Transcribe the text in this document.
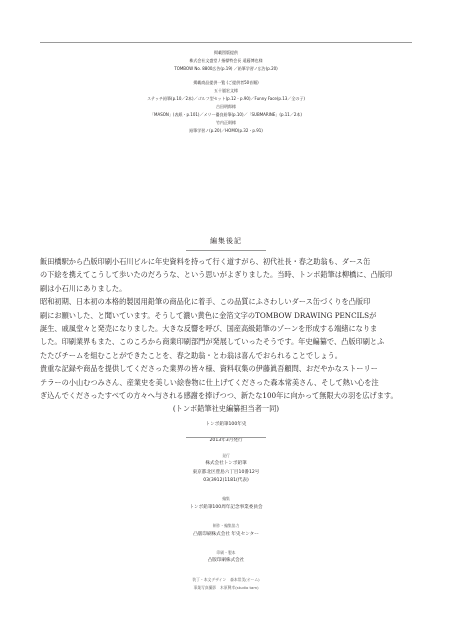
掲載図版提供
株式会社文盛堂 / 指標特会長 遠藤博也様
TOMBOW No. 8800広告(p.19) ／鉛筆学習ノ広告(p.20)
掲載商品提供一覧 (ご提供者50音順)
五十嵐宏文様
ステッチ鉛筆(p.10／2本)／ゴルフ型セット(p.12・p.90)／Funny Face(p.13／全の子)
古田明郎様
「MASON」(表紙・p.101)／メリー優良鉛筆(p.10)／「SUBMARINE」(p.11／2本)
竹内正則様
鉛筆学習ノ(p.20)／HOMO(p.32・p.91)
編集後記

飯田橋駅から凸版印刷小石川ビルに年史資料を持って行く道すがら、初代社長・春之助翁も、ダース缶

の下絵を携えてこうして歩いたのだろうな、という思いがよぎりました。当時、トンボ鉛筆は柳橋に、凸版印

刷は小石川にありました。

昭和初期、日本初の本格的製図用鉛筆の商品化に着手、この品質にふさわしいダース缶づくりを凸版印

刷にお願いした、と聞いています。そうして濃い黄色に金箔文字のTOMBOW DRAWING PENCILSが

誕生、戚風堂々と発売になりました。大きな反響を呼び、国産高級鉛筆のゾーンを形成する端緒になりま

した。印刷業界もまた、このころから商業印刷部門が発展していったそうです。年史編纂で、凸版印刷とふ

たたびチームを組むことができたことを、春之助翁・とわ翁は喜んでおられることでしょう。

貴重な記録や商品を提供してくださった業界の皆々様、資料収集の伊藤眞吾顧問、おだやかなストーリー

テラーの小山むつみさん、産業史を美しい絵巻物に仕上げてくださった森本常美さん、そして熱い心を注

ぎ込んでくださったすべての方々へ与される感謝を捧げつつ、新たな100年に向かって無限大の羽を広げます。

(トンボ鉛筆社史編纂担当者一同)

トンボ鉛筆100年史
2013年3月発行
発行
株式会社トンボ鉛筆
東京都北区豊島六丁目10番12号
03(3912)1181(代表)
編集
トンボ鉛筆100周年記念事業委員会
制作・編集協力
凸版印刷株式会社 年史センター
印刷・製本
凸版印刷株式会社
装丁・本文デザイン　森本常美(オーム)
事業写真撮影　木原興幸(studio tam)
